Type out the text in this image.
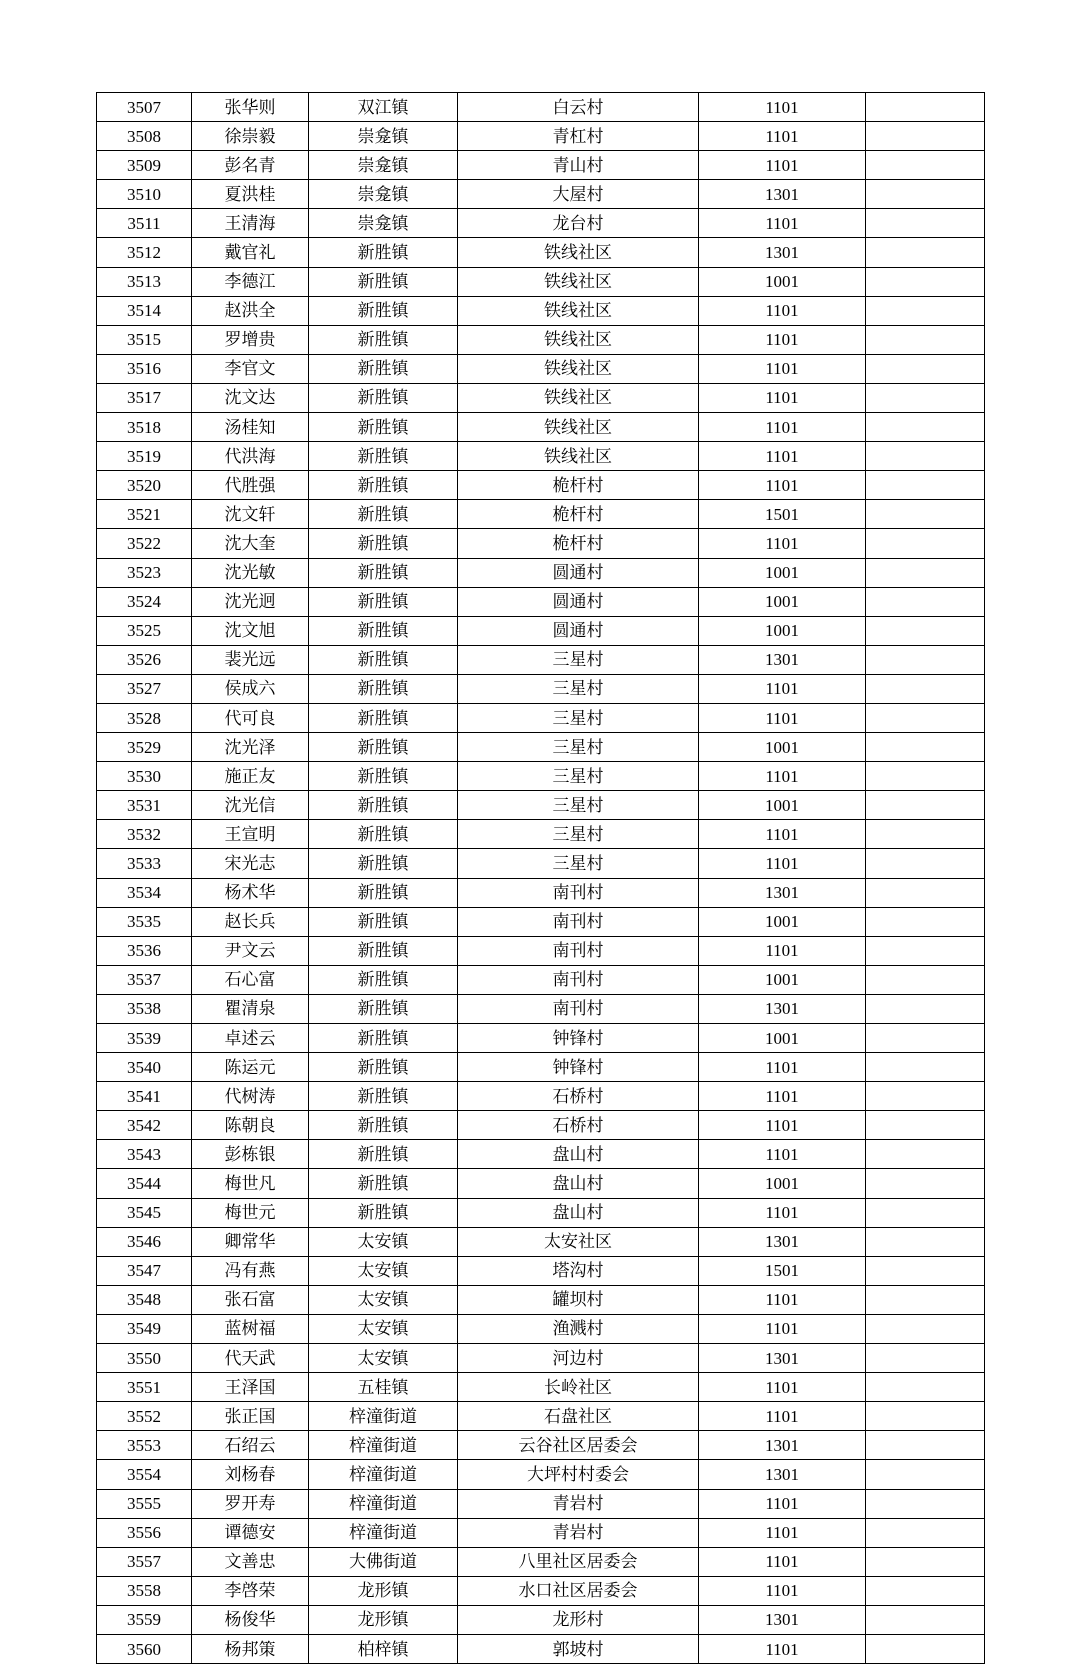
3507	张华则	双江镇	白云村	1101	
3508	徐崇毅	崇龛镇	青杠村	1101	
3509	彭名青	崇龛镇	青山村	1101	
3510	夏洪桂	崇龛镇	大屋村	1301	
3511	王清海	崇龛镇	龙台村	1101	
3512	戴官礼	新胜镇	铁线社区	1301	
3513	李德江	新胜镇	铁线社区	1001	
3514	赵洪全	新胜镇	铁线社区	1101	
3515	罗增贵	新胜镇	铁线社区	1101	
3516	李官文	新胜镇	铁线社区	1101	
3517	沈文达	新胜镇	铁线社区	1101	
3518	汤桂知	新胜镇	铁线社区	1101	
3519	代洪海	新胜镇	铁线社区	1101	
3520	代胜强	新胜镇	桅杆村	1101	
3521	沈文轩	新胜镇	桅杆村	1501	
3522	沈大奎	新胜镇	桅杆村	1101	
3523	沈光敏	新胜镇	圆通村	1001	
3524	沈光迥	新胜镇	圆通村	1001	
3525	沈文旭	新胜镇	圆通村	1001	
3526	裴光远	新胜镇	三星村	1301	
3527	侯成六	新胜镇	三星村	1101	
3528	代可良	新胜镇	三星村	1101	
3529	沈光泽	新胜镇	三星村	1001	
3530	施正友	新胜镇	三星村	1101	
3531	沈光信	新胜镇	三星村	1001	
3532	王宣明	新胜镇	三星村	1101	
3533	宋光志	新胜镇	三星村	1101	
3534	杨术华	新胜镇	南刊村	1301	
3535	赵长兵	新胜镇	南刊村	1001	
3536	尹文云	新胜镇	南刊村	1101	
3537	石心富	新胜镇	南刊村	1001	
3538	瞿清泉	新胜镇	南刊村	1301	
3539	卓述云	新胜镇	钟锋村	1001	
3540	陈运元	新胜镇	钟锋村	1101	
3541	代树涛	新胜镇	石桥村	1101	
3542	陈朝良	新胜镇	石桥村	1101	
3543	彭栋银	新胜镇	盘山村	1101	
3544	梅世凡	新胜镇	盘山村	1001	
3545	梅世元	新胜镇	盘山村	1101	
3546	卿常华	太安镇	太安社区	1301	
3547	冯有燕	太安镇	塔沟村	1501	
3548	张石富	太安镇	罐坝村	1101	
3549	蓝树福	太安镇	渔溅村	1101	
3550	代天武	太安镇	河边村	1301	
3551	王泽国	五桂镇	长岭社区	1101	
3552	张正国	梓潼街道	石盘社区	1101	
3553	石绍云	梓潼街道	云谷社区居委会	1301	
3554	刘杨春	梓潼街道	大坪村村委会	1301	
3555	罗开寿	梓潼街道	青岩村	1101	
3556	谭德安	梓潼街道	青岩村	1101	
3557	文善忠	大佛街道	八里社区居委会	1101	
3558	李啓荣	龙形镇	水口社区居委会	1101	
3559	杨俊华	龙形镇	龙形村	1301	
3560	杨邦策	柏梓镇	郭坡村	1101	
